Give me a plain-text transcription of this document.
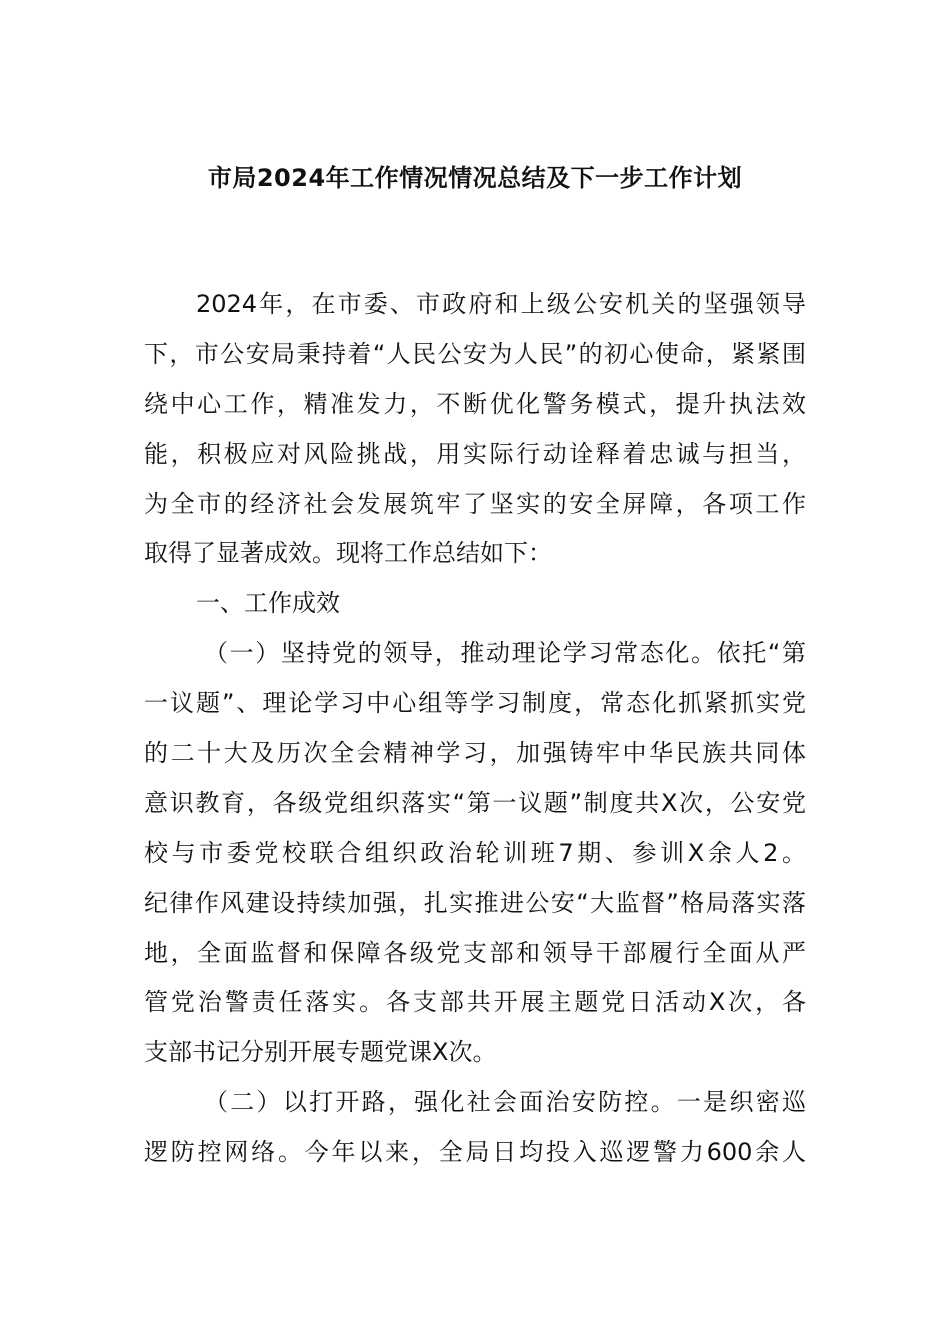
市局2024年工作情况情况总结及下一步工作计划
2024年，在市委、市政府和上级公安机关的坚强领导
下，市公安局秉持着“人民公安为人民”的初心使命，紧紧围
绕中心工作，精准发力，不断优化警务模式，提升执法效
能，积极应对风险挑战，用实际行动诠释着忠诚与担当，
为全市的经济社会发展筑牢了坚实的安全屏障，各项工作
取得了显著成效。现将工作总结如下：
一、工作成效
（一）坚持党的领导，推动理论学习常态化。依托“第
一议题”、理论学习中心组等学习制度，常态化抓紧抓实党
的二十大及历次全会精神学习，加强铸牢中华民族共同体
意识教育，各级党组织落实“第一议题”制度共X次，公安党
校与市委党校联合组织政治轮训班7期、参训X余人2。
纪律作风建设持续加强，扎实推进公安“大监督”格局落实落
地，全面监督和保障各级党支部和领导干部履行全面从严
管党治警责任落实。各支部共开展主题党日活动X次，各
支部书记分别开展专题党课X次。
（二）以打开路，强化社会面治安防控。一是织密巡
逻防控网络。今年以来，全局日均投入巡逻警力600余人
